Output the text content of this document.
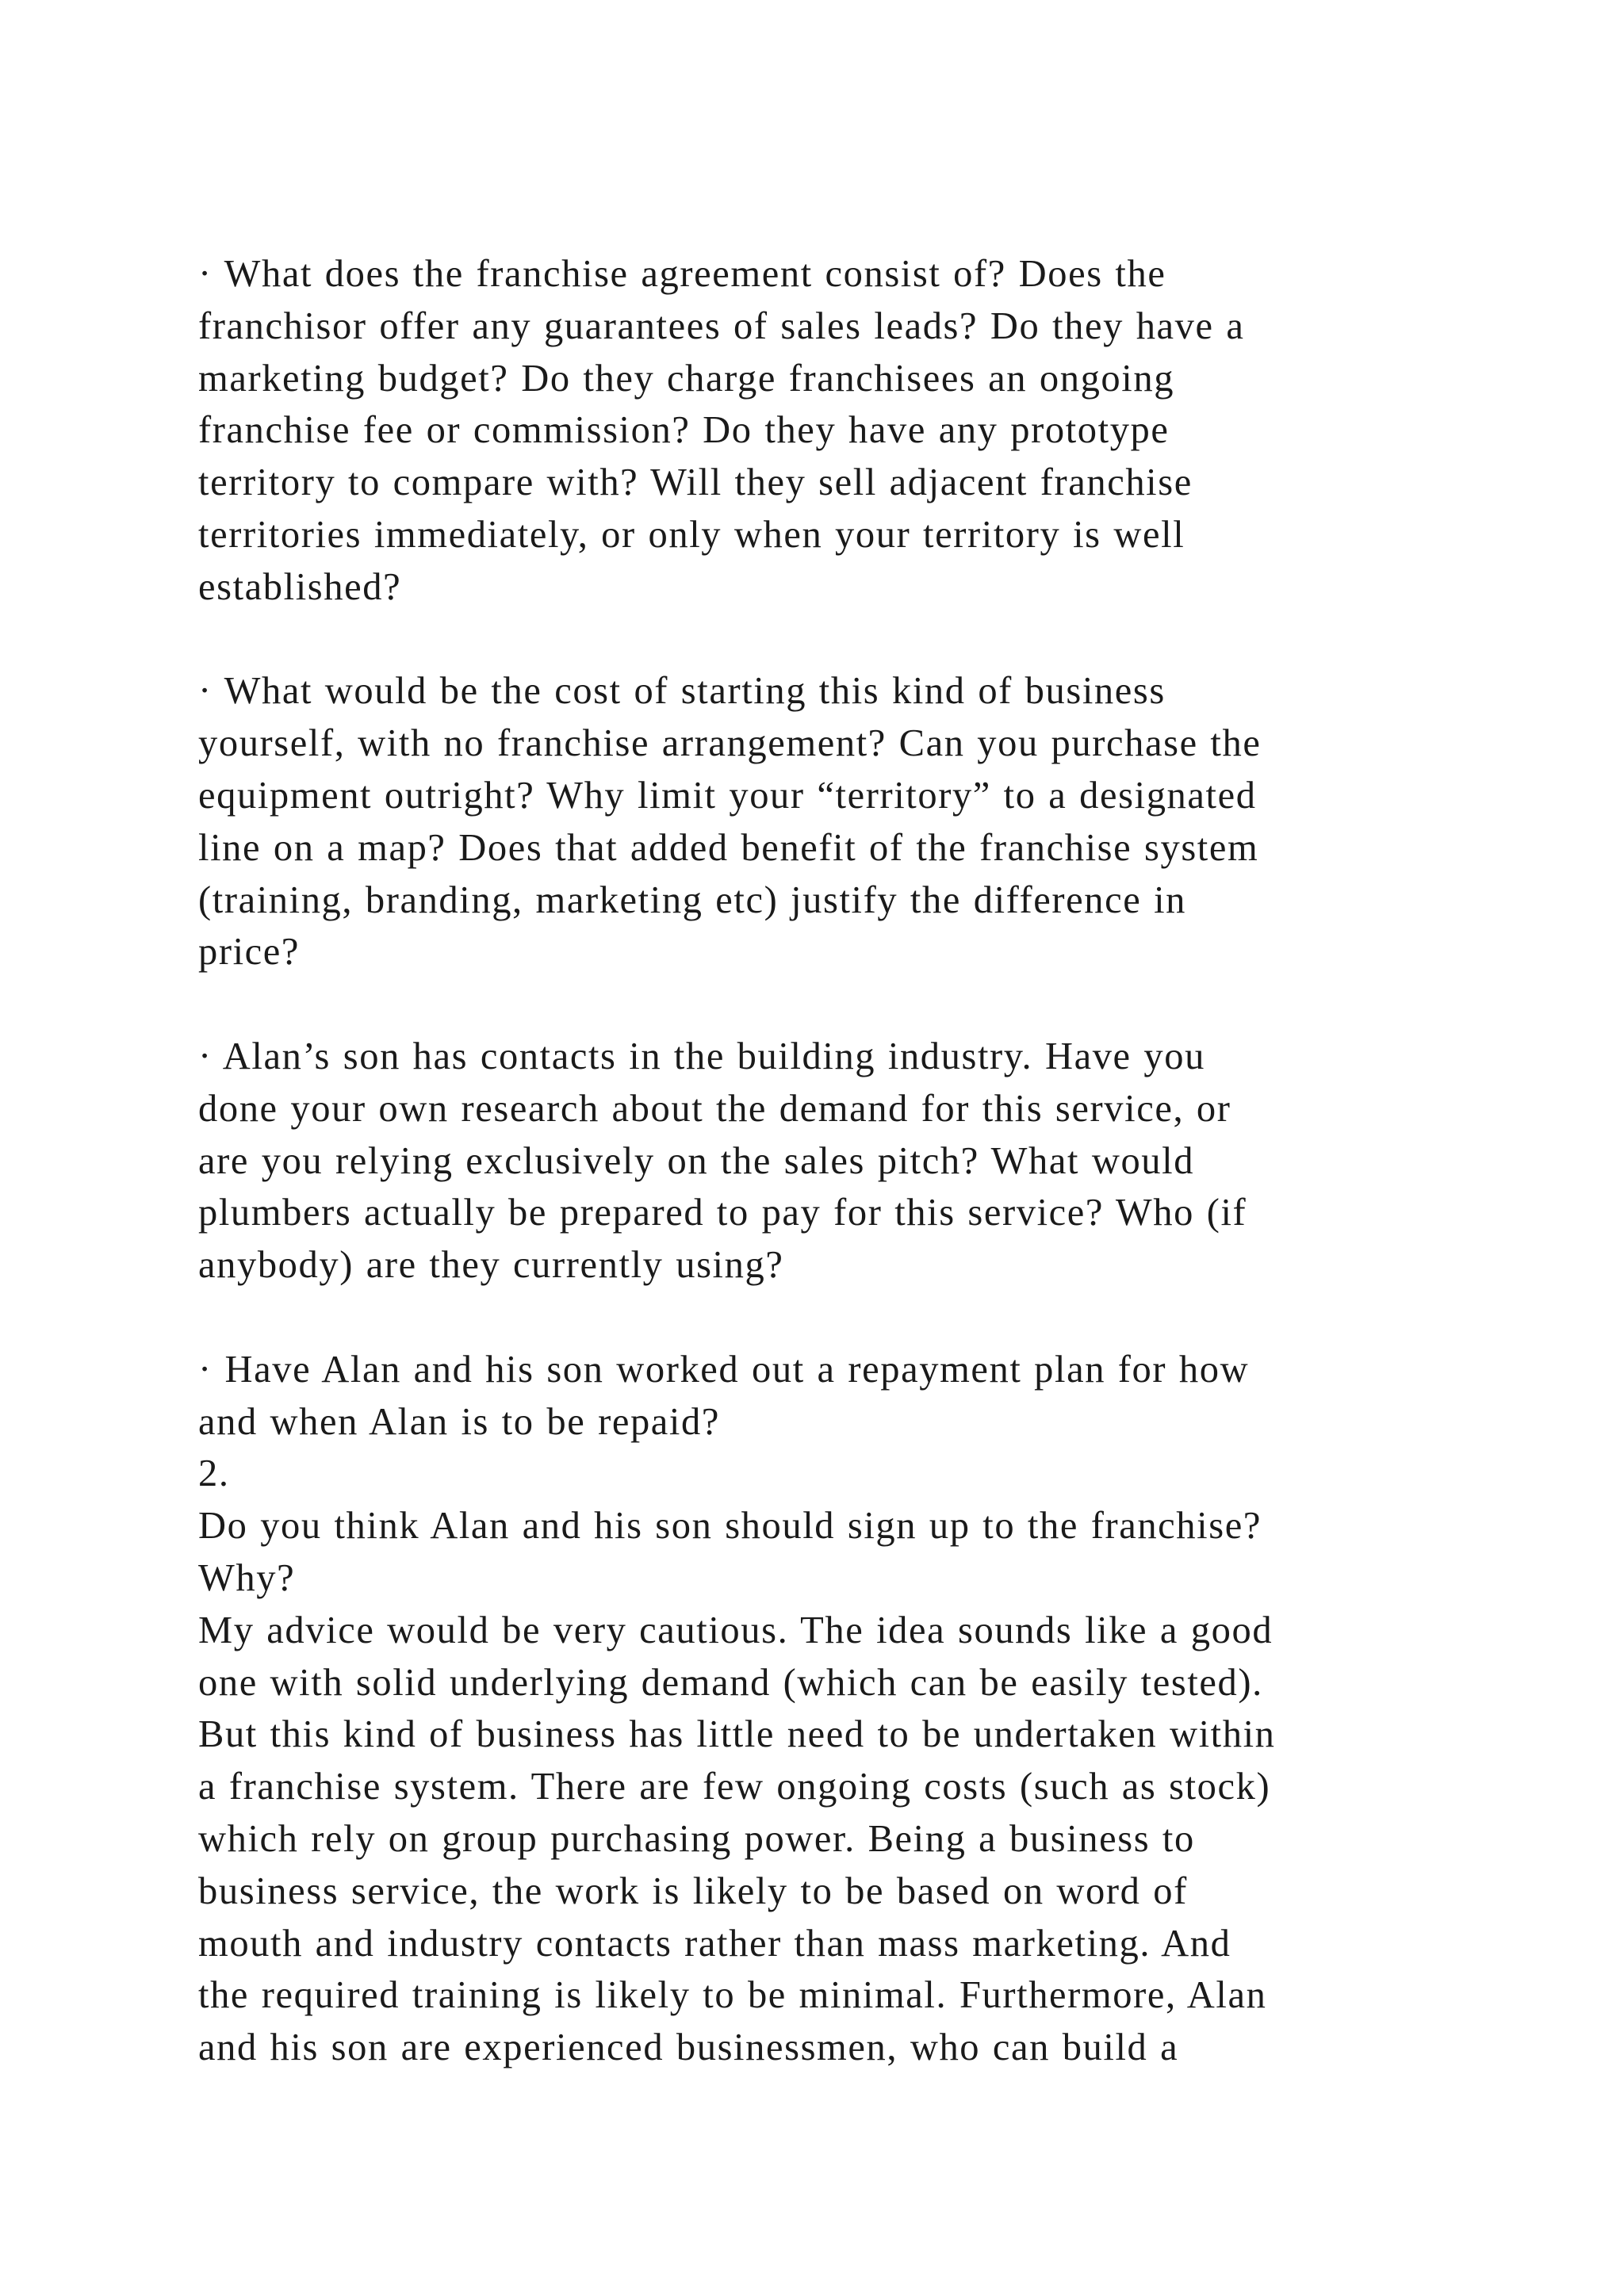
· What does the franchise agreement consist of? Does the
franchisor offer any guarantees of sales leads? Do they have a
marketing budget? Do they charge franchisees an ongoing
franchise fee or commission? Do they have any prototype
territory to compare with? Will they sell adjacent franchise
territories immediately, or only when your territory is well
established?
· What would be the cost of starting this kind of business
yourself, with no franchise arrangement? Can you purchase the
equipment outright? Why limit your “territory” to a designated
line on a map? Does that added benefit of the franchise system
(training, branding, marketing etc) justify the difference in
price?
· Alan’s son has contacts in the building industry. Have you
done your own research about the demand for this service, or
are you relying exclusively on the sales pitch? What would
plumbers actually be prepared to pay for this service? Who (if
anybody) are they currently using?
· Have Alan and his son worked out a repayment plan for how
and when Alan is to be repaid?
2.
Do you think Alan and his son should sign up to the franchise?
Why?
My advice would be very cautious. The idea sounds like a good
one with solid underlying demand (which can be easily tested).
But this kind of business has little need to be undertaken within
a franchise system. There are few ongoing costs (such as stock)
which rely on group purchasing power. Being a business to
business service, the work is likely to be based on word of
mouth and industry contacts rather than mass marketing. And
the required training is likely to be minimal. Furthermore, Alan
and his son are experienced businessmen, who can build a
